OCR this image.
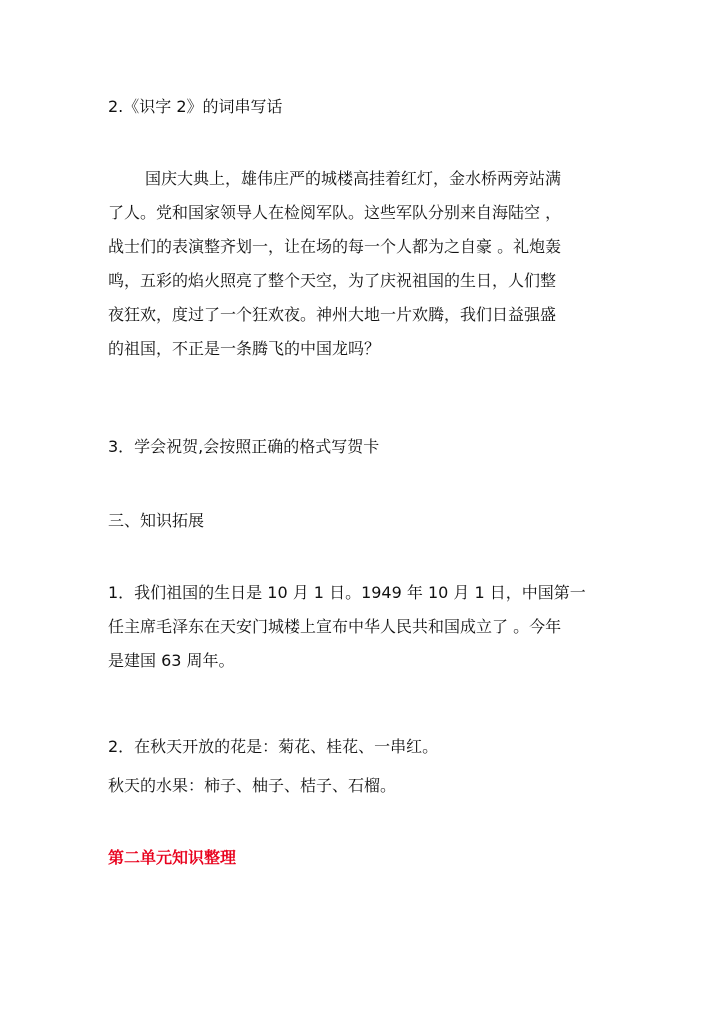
2.《识字 2》的词串写话
国庆大典上，雄伟庄严的城楼高挂着红灯，金水桥两旁站满
了人。党和国家领导人在检阅军队。这些军队分别来自海陆空 ，
战士们的表演整齐划一，让在场的每一个人都为之自豪 。礼炮轰
鸣，五彩的焰火照亮了整个天空，为了庆祝祖国的生日，人们整
夜狂欢，度过了一个狂欢夜。神州大地一片欢腾，我们日益强盛
的祖国，不正是一条腾飞的中国龙吗？
3．学会祝贺,会按照正确的格式写贺卡
三、知识拓展
1．我们祖国的生日是 10 月 1 日。1949 年 10 月 1 日，中国第一
任主席毛泽东在天安门城楼上宣布中华人民共和国成立了 。今年
是建国 63 周年。
2．在秋天开放的花是：菊花、桂花、一串红。
秋天的水果：柿子、柚子、桔子、石榴。
第二单元知识整理
